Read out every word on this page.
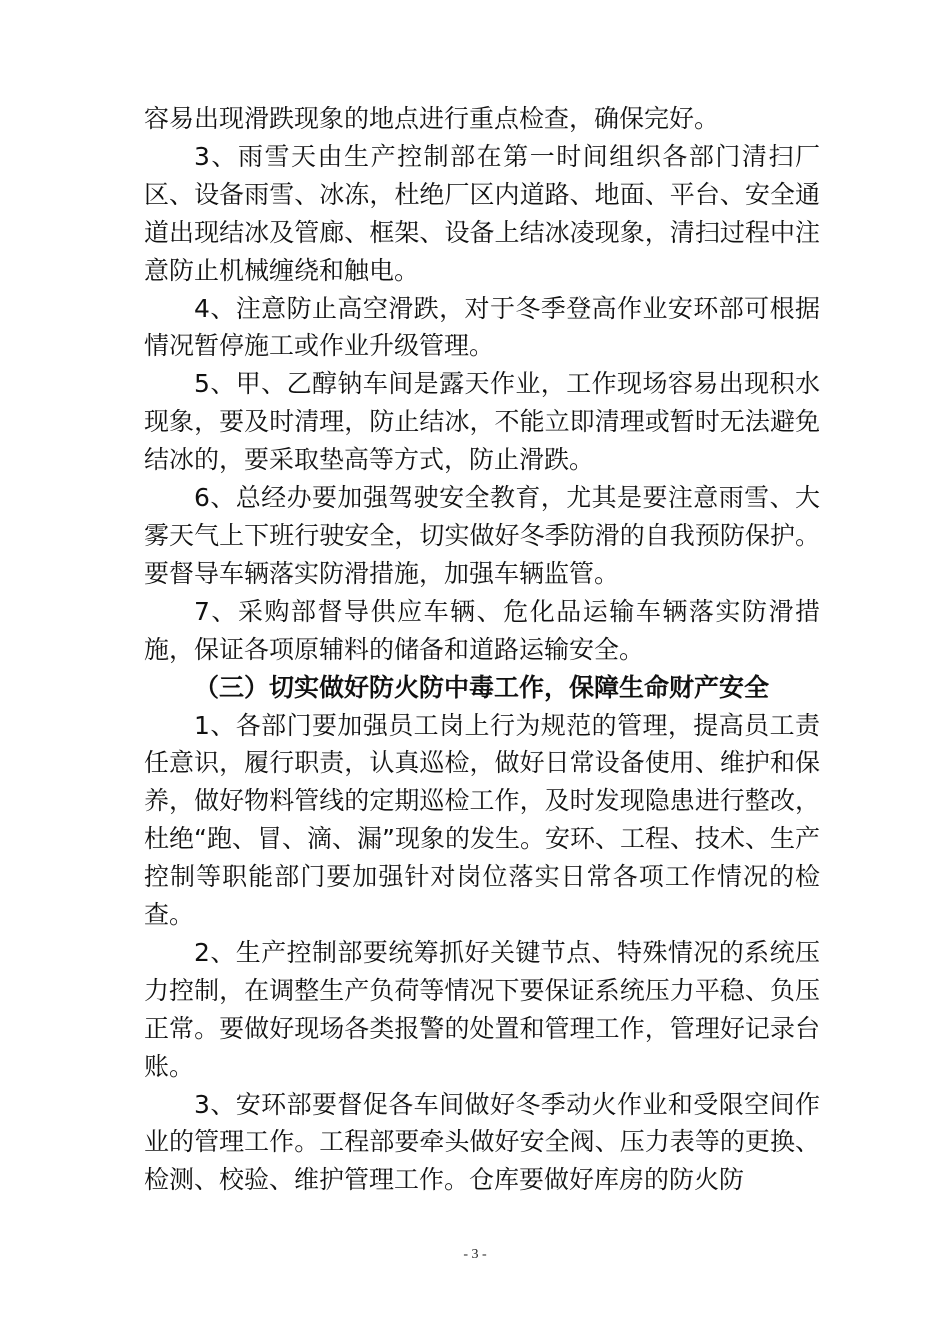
容易出现滑跌现象的地点进行重点检查，确保完好。

3、雨雪天由生产控制部在第一时间组织各部门清扫厂区、设备雨雪、冰冻，杜绝厂区内道路、地面、平台、安全通道出现结冰及管廊、框架、设备上结冰凌现象，清扫过程中注意防止机械缠绕和触电。

4、注意防止高空滑跌，对于冬季登高作业安环部可根据情况暂停施工或作业升级管理。

5、甲、乙醇钠车间是露天作业，工作现场容易出现积水现象，要及时清理，防止结冰，不能立即清理或暂时无法避免结冰的，要采取垫高等方式，防止滑跌。

6、总经办要加强驾驶安全教育，尤其是要注意雨雪、大雾天气上下班行驶安全，切实做好冬季防滑的自我预防保护。要督导车辆落实防滑措施，加强车辆监管。

7、采购部督导供应车辆、危化品运输车辆落实防滑措施，保证各项原辅料的储备和道路运输安全。

（三）切实做好防火防中毒工作，保障生命财产安全

1、各部门要加强员工岗上行为规范的管理，提高员工责任意识，履行职责，认真巡检，做好日常设备使用、维护和保养，做好物料管线的定期巡检工作，及时发现隐患进行整改，杜绝“跑、冒、滴、漏”现象的发生。安环、工程、技术、生产控制等职能部门要加强针对岗位落实日常各项工作情况的检查。

2、生产控制部要统筹抓好关键节点、特殊情况的系统压力控制，在调整生产负荷等情况下要保证系统压力平稳、负压正常。要做好现场各类报警的处置和管理工作，管理好记录台账。

3、安环部要督促各车间做好冬季动火作业和受限空间作业的管理工作。工程部要牵头做好安全阀、压力表等的更换、检测、校验、维护管理工作。仓库要做好库房的防火防

- 3 -
